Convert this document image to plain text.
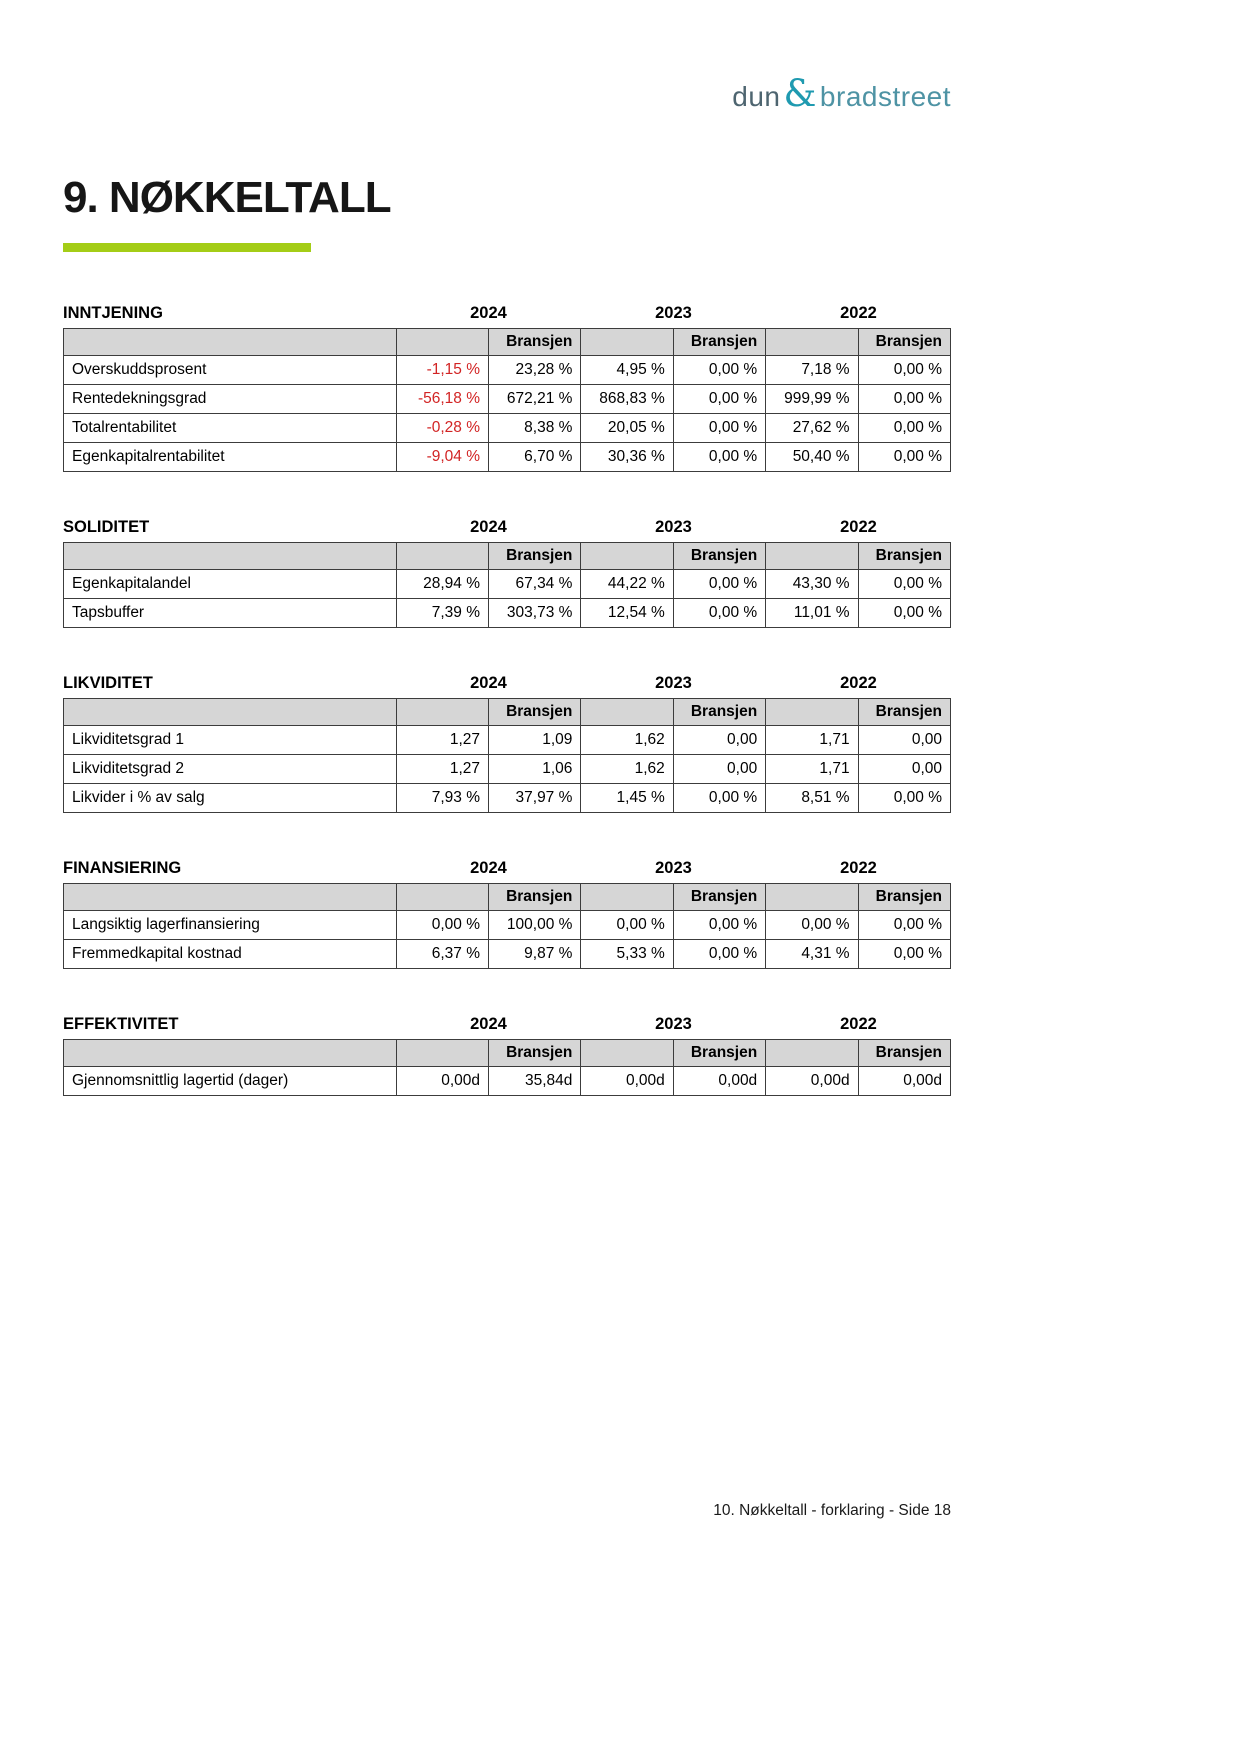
dun& bradstreet
9. NØKKELTALL
INNTJENING	2024	2023	2022
		Bransjen		Bransjen		Bransjen
Overskuddsprosent	-1,15 %	23,28 %	4,95 %	0,00 %	7,18 %	0,00 %
Rentedekningsgrad	-56,18 %	672,21 %	868,83 %	0,00 %	999,99 %	0,00 %
Totalrentabilitet	-0,28 %	8,38 %	20,05 %	0,00 %	27,62 %	0,00 %
Egenkapitalrentabilitet	-9,04 %	6,70 %	30,36 %	0,00 %	50,40 %	0,00 %
SOLIDITET	2024	2023	2022
		Bransjen		Bransjen		Bransjen
Egenkapitalandel	28,94 %	67,34 %	44,22 %	0,00 %	43,30 %	0,00 %
Tapsbuffer	7,39 %	303,73 %	12,54 %	0,00 %	11,01 %	0,00 %
LIKVIDITET	2024	2023	2022
		Bransjen		Bransjen		Bransjen
Likviditetsgrad 1	1,27	1,09	1,62	0,00	1,71	0,00
Likviditetsgrad 2	1,27	1,06	1,62	0,00	1,71	0,00
Likvider i % av salg	7,93 %	37,97 %	1,45 %	0,00 %	8,51 %	0,00 %
FINANSIERING	2024	2023	2022
		Bransjen		Bransjen		Bransjen
Langsiktig lagerfinansiering	0,00 %	100,00 %	0,00 %	0,00 %	0,00 %	0,00 %
Fremmedkapital kostnad	6,37 %	9,87 %	5,33 %	0,00 %	4,31 %	0,00 %
EFFEKTIVITET	2024	2023	2022
		Bransjen		Bransjen		Bransjen
Gjennomsnittlig lagertid (dager)	0,00d	35,84d	0,00d	0,00d	0,00d	0,00d
10. Nøkkeltall - forklaring - Side 18
